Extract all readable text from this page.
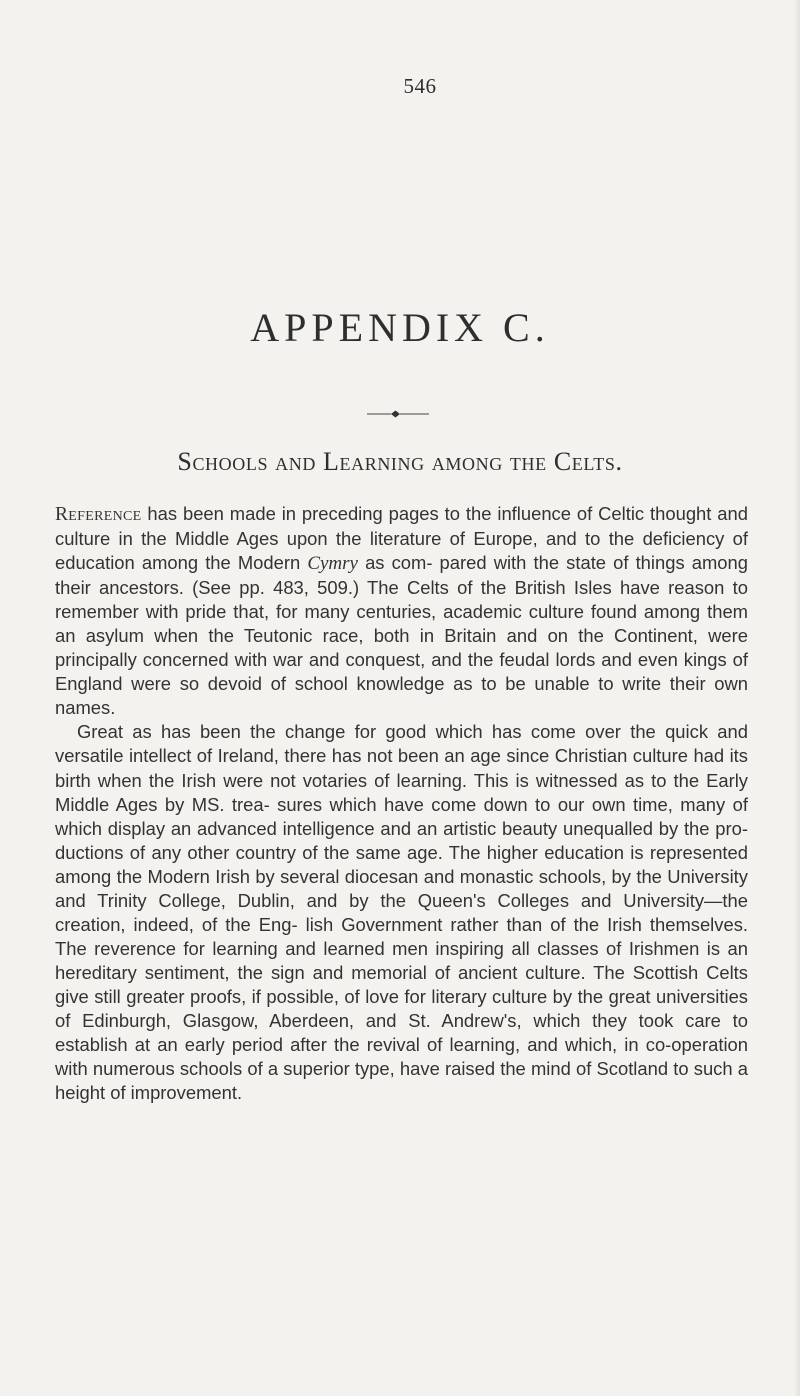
546
APPENDIX C.
Schools and Learning among the Celts.

Reference has been made in preceding pages to the influence of Celtic thought and culture in the Middle Ages upon the literature of Europe, and to the deficiency of education among the Modern Cymry as com- pared with the state of things among their ancestors. (See pp. 483, 509.) The Celts of the British Isles have reason to remember with pride that, for many centuries, academic culture found among them an asylum when the Teutonic race, both in Britain and on the Continent, were principally concerned with war and conquest, and the feudal lords and even kings of England were so devoid of school knowledge as to be unable to write their own names.

Great as has been the change for good which has come over the quick and versatile intellect of Ireland, there has not been an age since Christian culture had its birth when the Irish were not votaries of learning. This is witnessed as to the Early Middle Ages by MS. trea- sures which have come down to our own time, many of which display an advanced intelligence and an artistic beauty unequalled by the pro- ductions of any other country of the same age. The higher education is represented among the Modern Irish by several diocesan and monastic schools, by the University and Trinity College, Dublin, and by the Queen's Colleges and University—the creation, indeed, of the Eng- lish Government rather than of the Irish themselves. The reverence for learning and learned men inspiring all classes of Irishmen is an hereditary sentiment, the sign and memorial of ancient culture. The Scottish Celts give still greater proofs, if possible, of love for literary culture by the great universities of Edinburgh, Glasgow, Aberdeen, and St. Andrew's, which they took care to establish at an early period after the revival of learning, and which, in co-operation with numerous schools of a superior type, have raised the mind of Scotland to such a height of improvement.
